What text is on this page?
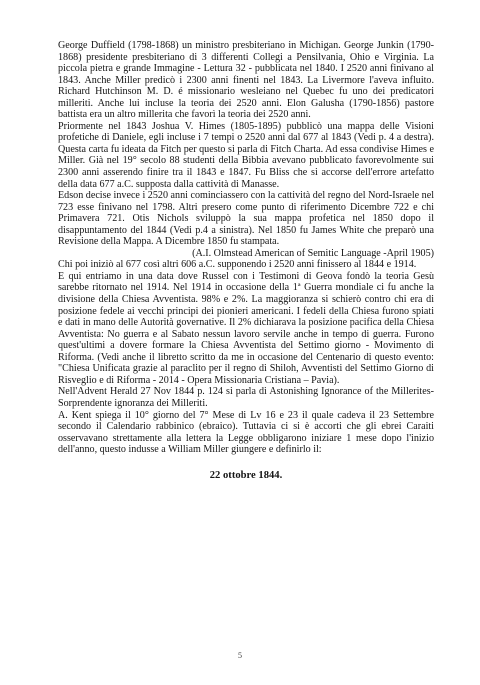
George Duffield (1798-1868) un ministro presbiteriano in Michigan. George Junkin (1790-1868) presidente presbiteriano di 3 differenti Collegi a Pensilvania, Ohio e Virginia. La piccola pietra e grande Immagine - Lettura 32 - pubblicata nel 1840. I 2520 anni finivano al 1843. Anche Miller predicò i 2300 anni finenti nel 1843. La Livermore l'aveva influito. Richard Hutchinson M. D. é missionario wesleiano nel Quebec fu uno dei predicatori milleriti. Anche lui incluse la teoria dei 2520 anni. Elon Galusha (1790-1856) pastore battista era un altro millerita che favorì la teoria dei 2520 anni.

Priormente nel 1843 Joshua V. Himes (1805-1895) pubblicò una mappa delle Visioni profetiche di Daniele, egli incluse i 7 tempi o 2520 anni dal 677 al 1843 (Vedi p. 4 a destra). Questa carta fu ideata da Fitch per questo si parla di Fitch Charta. Ad essa condivise Himes e Miller. Già nel 19° secolo 88 studenti della Bibbia avevano pubblicato favorevolmente sui 2300 anni asserendo finire tra il 1843 e 1847. Fu Bliss che si accorse dell'errore artefatto della data 677 a.C. supposta dalla cattività di Manasse.

Edson decise invece i 2520 anni cominciassero con la cattività del regno del Nord-Israele nel 723 esse finivano nel 1798. Altri presero come punto di riferimento Dicembre 722 e chi Primavera 721. Otis Nichols sviluppò la sua mappa profetica nel 1850 dopo il disappuntamento del 1844 (Vedi p.4 a sinistra). Nel 1850 fu James White che preparò una Revisione della Mappa. A Dicembre 1850 fu stampata.

(A.I. Olmstead American of Semitic Language -April 1905)

Chi poi iniziò al 677 così altri 606 a.C. supponendo i 2520 anni finissero al 1844 e 1914.

E qui entriamo in una data dove Russel con i Testimoni di Geova fondò la teoria Gesù sarebbe ritornato nel 1914. Nel 1914 in occasione della 1ª Guerra mondiale ci fu anche la divisione della Chiesa Avventista. 98% e 2%. La maggioranza si schierò contro chi era di posizione fedele ai vecchi principi dei pionieri americani. I fedeli della Chiesa furono spiati e dati in mano delle Autorità governative. Il 2% dichiarava la posizione pacifica della Chiesa Avventista: No guerra e al Sabato nessun lavoro servile anche in tempo di guerra. Furono quest'ultimi a dovere formare la Chiesa Avventista del Settimo giorno - Movimento di Riforma. (Vedi anche il libretto scritto da me in occasione del Centenario di questo evento: "Chiesa Unificata grazie al paraclito per il regno di Shiloh, Avventisti del Settimo Giorno di Risveglio e di Riforma - 2014 - Opera Missionaria Cristiana – Pavia).

Nell'Advent Herald 27 Nov 1844 p. 124 si parla di Astonishing Ignorance of the Millerites- Sorprendente ignoranza dei Milleriti.

A. Kent spiega il 10° giorno del 7° Mese di Lv 16 e 23 il quale cadeva il 23 Settembre secondo il Calendario rabbinico (ebraico). Tuttavia ci si è accorti che gli ebrei Caraiti osservavano strettamente alla lettera la Legge obbligarono iniziare 1 mese dopo l'inizio dell'anno, questo indusse a William Miller giungere e definirlo il:

22 ottobre 1844.

5
